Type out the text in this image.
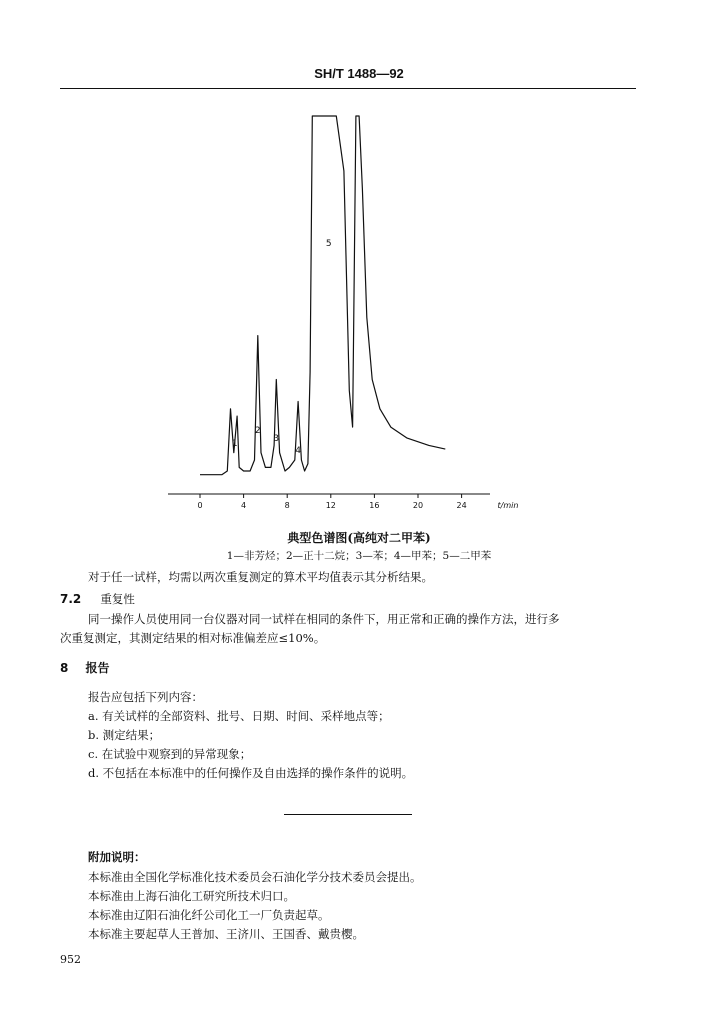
SH/T 1488—92
0	4	8	12	16	20	24	t/min
1
2
3
4
5
典型色谱图(高纯对二甲苯)
1—非芳烃；2—正十二烷；3—苯；4—甲苯；5—二甲苯
对于任一试样，均需以两次重复测定的算术平均值表示其分析结果。
7.2 重复性
同一操作人员使用同一台仪器对同一试样在相同的条件下，用正常和正确的操作方法，进行多
次重复测定，其测定结果的相对标准偏差应≤10%。
8 报告
报告应包括下列内容：
a. 有关试样的全部资料、批号、日期、时间、采样地点等；
b. 测定结果；
c. 在试验中观察到的异常现象；
d. 不包括在本标准中的任何操作及自由选择的操作条件的说明。
附加说明：
本标准由全国化学标准化技术委员会石油化学分技术委员会提出。
本标准由上海石油化工研究所技术归口。
本标准由辽阳石油化纤公司化工一厂负责起草。
本标准主要起草人王普加、王济川、王国香、戴贵樱。
952
